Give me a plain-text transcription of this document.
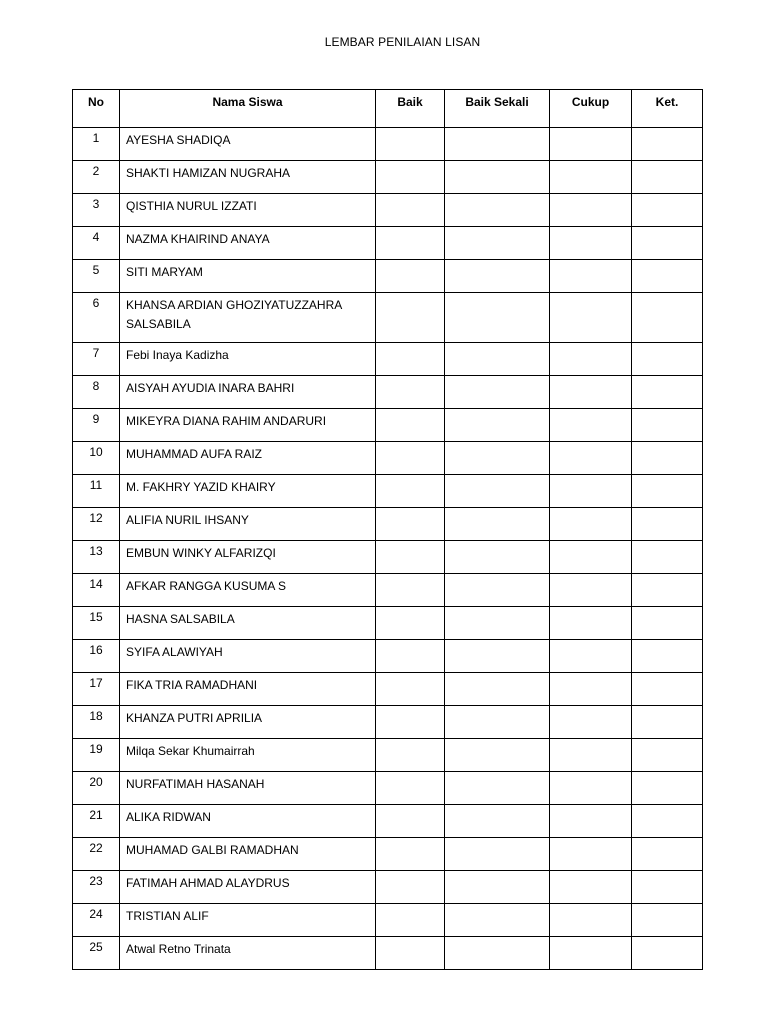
LEMBAR PENILAIAN LISAN
No	Nama Siswa	Baik	Baik Sekali	Cukup	Ket.
1	AYESHA SHADIQA				
2	SHAKTI HAMIZAN NUGRAHA				
3	QISTHIA NURUL IZZATI				
4	NAZMA KHAIRIND ANAYA				
5	SITI MARYAM				
6	KHANSA ARDIAN GHOZIYATUZZAHRA SALSABILA				
7	Febi Inaya Kadizha				
8	AISYAH AYUDIA INARA BAHRI				
9	MIKEYRA DIANA RAHIM ANDARURI				
10	MUHAMMAD AUFA RAIZ				
11	M. FAKHRY YAZID KHAIRY				
12	ALIFIA NURIL IHSANY				
13	EMBUN WINKY ALFARIZQI				
14	AFKAR RANGGA KUSUMA S				
15	HASNA SALSABILA				
16	SYIFA ALAWIYAH				
17	FIKA TRIA RAMADHANI				
18	KHANZA PUTRI APRILIA				
19	Milqa Sekar Khumairrah				
20	NURFATIMAH HASANAH				
21	ALIKA RIDWAN				
22	MUHAMAD GALBI RAMADHAN				
23	FATIMAH AHMAD ALAYDRUS				
24	TRISTIAN ALIF				
25	Atwal Retno Trinata				
